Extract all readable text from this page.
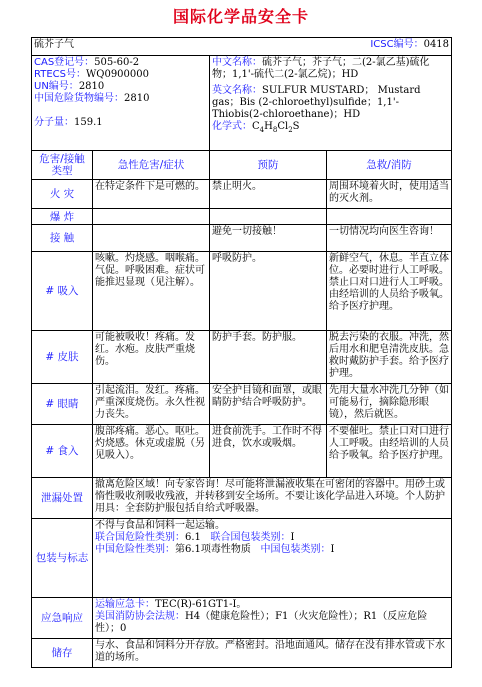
国际化学品安全卡
硫芥子气 ICSC编号：0418			

CAS登记号：505-60-2
RTECS号：WQ0900000
UN编号：2810
中国危险货物编号：2810
分子量：159.1		中文名称：硫芥子气；芥子气；二(2-氯乙基)硫化物；1,1'-硫代二(2-氯乙烷)；HD
英文名称：SULFUR MUSTARD； Mustard gas；Bis (2-chloroethyl)sulfide；1,1'-Thiobis(2-chloroethane)；HD
化学式：$C_4H_8Cl_2S$	

危害/接触类型	急性危害/症状	预防	急救/消防
火 灾	在特定条件下是可燃的。	禁止明火。	周围环境着火时，使用适当的灭火剂。
爆 炸			
接 触		避免一切接触！	一切情况均向医生咨询！
# 吸入	咳嗽。灼烧感。咽喉痛。气促。呼吸困难。症状可能推迟显现（见注解）。	呼吸防护。	新鲜空气，休息。半直立体位。必要时进行人工呼吸。禁止口对口进行人工呼吸。由经培训的人员给予吸氧。给予医疗护理。
# 皮肤	可能被吸收！疼痛。发红。水疱。皮肤严重烧伤。	防护手套。防护服。	脱去污染的衣服。冲洗，然后用水和肥皂清洗皮肤。急救时戴防护手套。给予医疗护理。
# 眼睛	引起流泪。发红。疼痛。严重深度烧伤。永久性视力丧失。	安全护目镜和面罩，或眼睛防护结合呼吸防护。	先用大量水冲洗几分钟（如可能易行，摘除隐形眼镜），然后就医。
# 食入	腹部疼痛。恶心。呕吐。灼烧感。休克或虚脱（另见吸入）。	进食前洗手。工作时不得进食，饮水或吸烟。	不要催吐。禁止口对口进行人工呼吸。由经培训的人员给予吸氧。给予医疗护理。
泄漏处置	撤离危险区域！向专家咨询！尽可能将泄漏液收集在可密闭的容器中。用砂土或惰性吸收剂吸收残液，并转移到安全场所。不要让该化学品进入环境。个人防护用具：全套防护服包括自给式呼吸器。		
包装与标志	不得与食品和饲料一起运输。
联合国危险性类别：6.1 联合国包装类别：I
中国危险性类别：第6.1项毒性物质 中国包装类别：I		

应急响应	运输应急卡：TEC(R)-61GT1-I。
美国消防协会法规：H4（健康危险性）；F1（火灾危险性）；R1（反应危险性）；0		

储存	与水、食品和饲料分开存放。严格密封。沿地面通风。储存在没有排水管或下水道的场所。		
